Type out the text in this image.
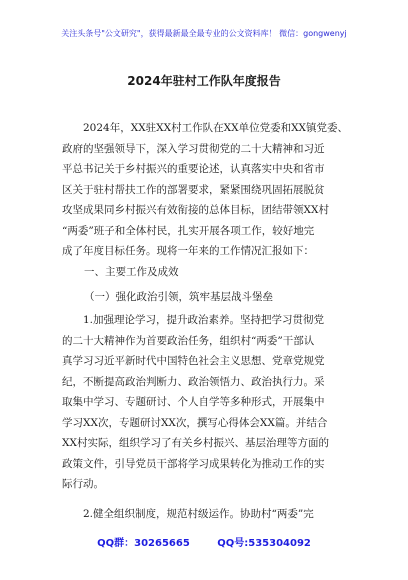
关注头条号"公文研究"，获得最新最全最专业的公文资料库！ 微信：gongwenyj
2024年驻村工作队年度报告
2024年，XX驻XX村工作队在XX单位党委和XX镇党委、
政府的坚强领导下，深入学习贯彻党的二十大精神和习近
平总书记关于乡村振兴的重要论述，认真落实中央和省市
区关于驻村帮扶工作的部署要求，紧紧围绕巩固拓展脱贫
攻坚成果同乡村振兴有效衔接的总体目标，团结带领XX村
“两委”班子和全体村民，扎实开展各项工作，较好地完
成了年度目标任务。现将一年来的工作情况汇报如下：
一、主要工作及成效
（一）强化政治引领，筑牢基层战斗堡垒
1.加强理论学习，提升政治素养。坚持把学习贯彻党
的二十大精神作为首要政治任务，组织村“两委”干部认
真学习习近平新时代中国特色社会主义思想、党章党规党
纪，不断提高政治判断力、政治领悟力、政治执行力。采
取集中学习、专题研讨、个人自学等多种形式，开展集中
学习XX次，专题研讨XX次，撰写心得体会XX篇。并结合
XX村实际，组织学习了有关乡村振兴、基层治理等方面的
政策文件，引导党员干部将学习成果转化为推动工作的实
际行动。
2.健全组织制度，规范村级运作。协助村“两委”完
QQ群：30265665	QQ号:535304092
